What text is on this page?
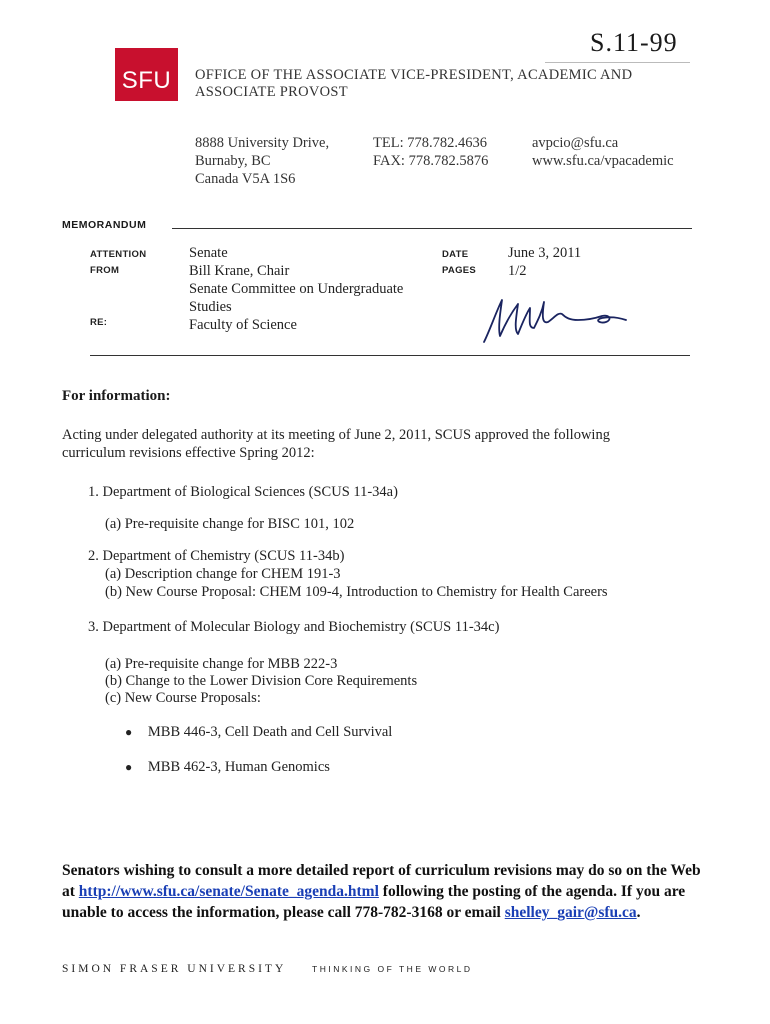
S.11-99
SFU	OFFICE OF THE ASSOCIATE VICE-PRESIDENT, ACADEMIC AND
ASSOCIATE PROVOST
8888 University Drive,
Burnaby, BC
Canada V5A 1S6
TEL: 778.782.4636
FAX: 778.782.5876
avpcio@sfu.ca
www.sfu.ca/vpacademic
MEMORANDUM
ATTENTION
FROM
RE:
Senate
Bill Krane, Chair
Senate Committee on Undergraduate
Studies
Faculty of Science
DATE
PAGES
June 3, 2011
1/2
For information:
Acting under delegated authority at its meeting of June 2, 2011, SCUS approved the following
curriculum revisions effective Spring 2012:
1. Department of Biological Sciences (SCUS 11-34a)
(a) Pre-requisite change for BISC 101, 102
2. Department of Chemistry (SCUS 11-34b)
(a) Description change for CHEM 191-3
(b) New Course Proposal: CHEM 109-4, Introduction to Chemistry for Health Careers
3. Department of Molecular Biology and Biochemistry (SCUS 11-34c)
(a) Pre-requisite change for MBB 222-3
(b) Change to the Lower Division Core Requirements
(c) New Course Proposals:
● MBB 446-3, Cell Death and Cell Survival
● MBB 462-3, Human Genomics
Senators wishing to consult a more detailed report of curriculum revisions may do so on the Web at http://www.sfu.ca/senate/Senate_agenda.html following the posting of the agenda. If you are unable to access the information, please call 778-782-3168 or email shelley_gair@sfu.ca.
SIMON FRASER UNIVERSITY	THINKING OF THE WORLD
